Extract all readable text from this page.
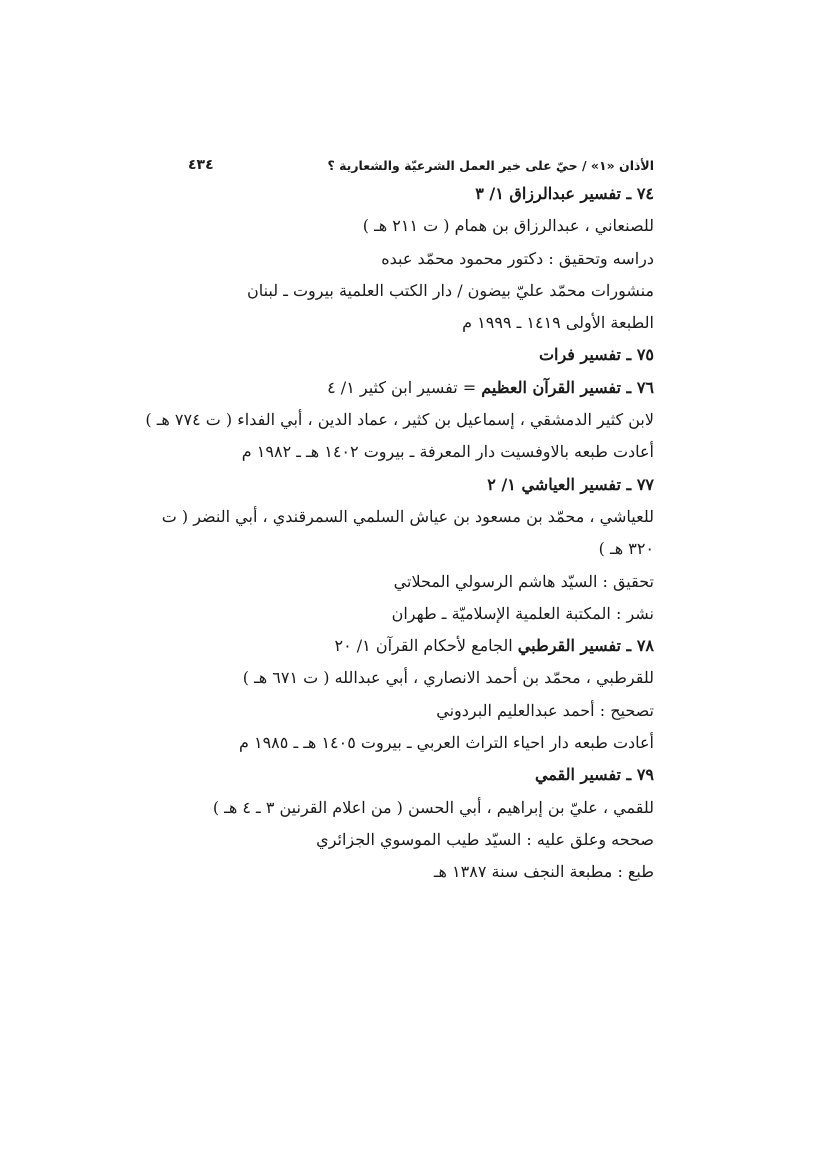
الأذان «١» / حيّ على خير العمل الشرعيّة والشعارية ؟
٤٣٤
٧٤ ـ تفسير عبدالرزاق ١/ ٣
للصنعاني ، عبدالرزاق بن همام ( ت ٢١١ هـ )
دراسه وتحقيق : دكتور محمود محمّد عبده
منشورات محمّد عليّ بيضون / دار الكتب العلمية بيروت ـ لبنان
الطبعة الأولى ١٤١٩ ـ ١٩٩٩ م
٧٥ ـ تفسير فرات
٧٦ ـ تفسير القرآن العظيم = تفسير ابن كثير ١/ ٤
لابن كثير الدمشقي ، إسماعيل بن كثير ، عماد الدين ، أبي الفداء ( ت ٧٧٤ هـ )
أعادت طبعه بالاوفسيت دار المعرفة ـ بيروت ١٤٠٢ هـ ـ ١٩٨٢ م
٧٧ ـ تفسير العياشي ١/ ٢
للعياشي ، محمّد بن مسعود بن عياش السلمي السمرقندي ، أبي النضر ( ت
٣٢٠ هـ )
تحقيق : السيّد هاشم الرسولي المحلاتي
نشر : المكتبة العلمية الإسلاميّة ـ طهران
٧٨ ـ تفسير القرطبي الجامع لأحكام القرآن ١/ ٢٠
للقرطبي ، محمّد بن أحمد الانصاري ، أبي عبدالله ( ت ٦٧١ هـ )
تصحيح : أحمد عبدالعليم البردوني
أعادت طبعه دار احياء التراث العربي ـ بيروت ١٤٠٥ هـ ـ ١٩٨٥ م
٧٩ ـ تفسير القمي
للقمي ، عليّ بن إبراهيم ، أبي الحسن ( من اعلام القرنين ٣ ـ ٤ هـ )
صححه وعلق عليه : السيّد طيب الموسوي الجزائري
طبع : مطبعة النجف سنة ١٣٨٧ هـ
